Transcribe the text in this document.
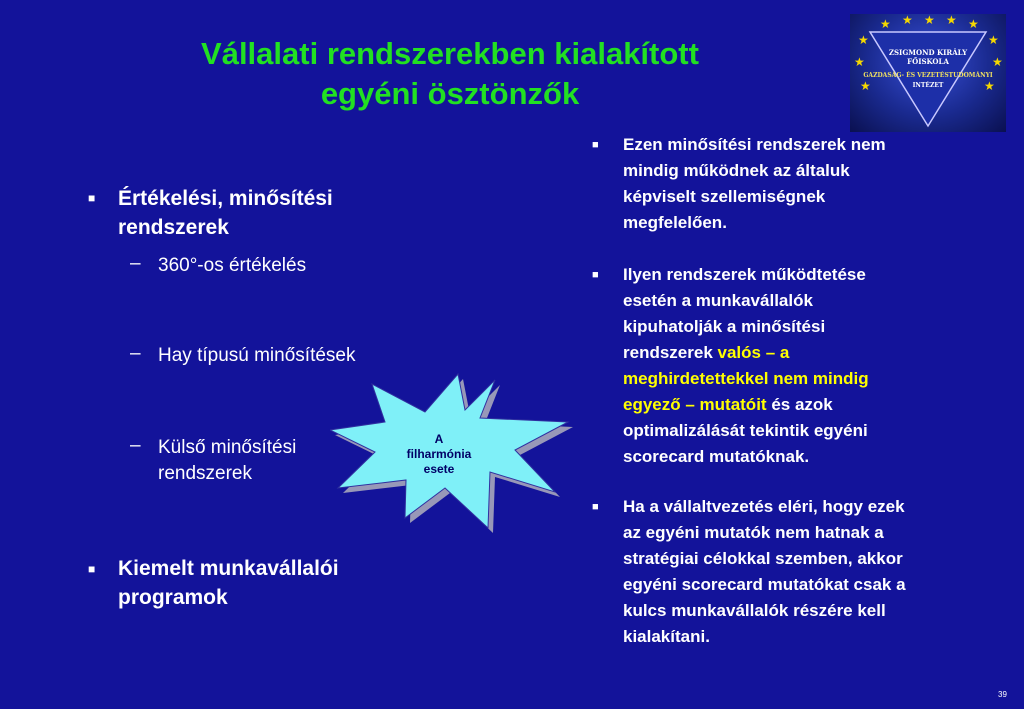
Vállalati rendszerekben kialakított
egyéni ösztönzők
★ ★ ★ ★ ★
★	★
★	★
★	★
ZSIGMOND KIRÁLY
FŐISKOLA
GAZDASÁG- ÉS VEZETÉSTUDOMÁNYI
INTÉZET
■ Értékelési, minősítési
rendszerek
– 360°-os értékelés
– Hay típusú minősítések
– Külső minősítési
rendszerek
■ Kiemelt munkavállalói
programok
A
filharmónia
esete
■ Ezen minősítési rendszerek nem
mindig működnek az általuk
képviselt szellemiségnek
megfelelően.
■ Ilyen rendszerek működtetése
esetén a munkavállalók
kipuhatolják a minősítési
rendszerek valós – a
meghirdetettekkel nem mindig
egyező – mutatóit és azok
optimalizálását tekintik egyéni
scorecard mutatóknak.
■ Ha a vállaltvezetés eléri, hogy ezek
az egyéni mutatók nem hatnak a
stratégiai célokkal szemben, akkor
egyéni scorecard mutatókat csak a
kulcs munkavállalók részére kell
kialakítani.
39
